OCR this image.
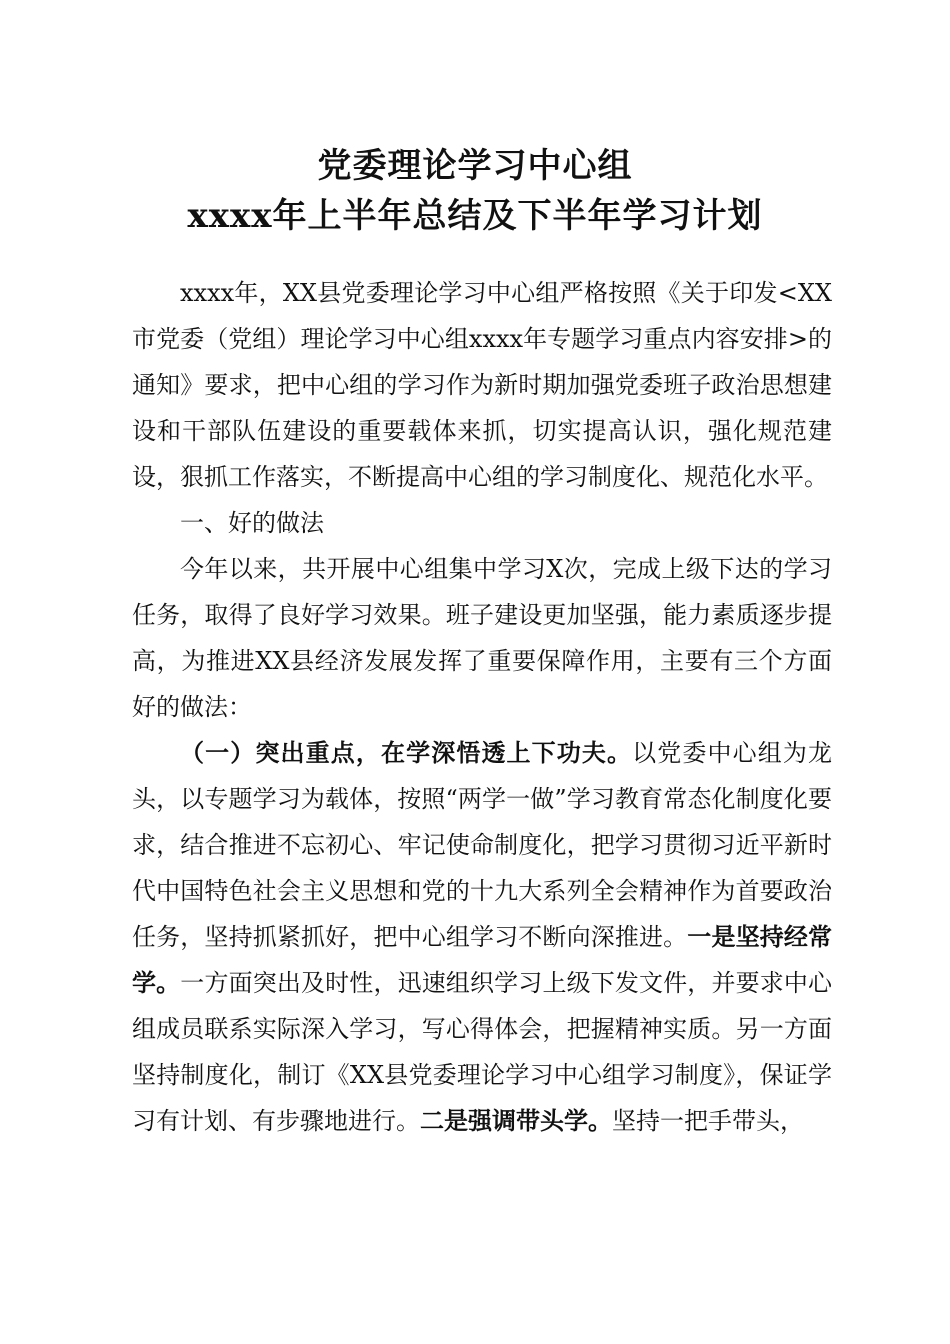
党委理论学习中心组
xxxx年上半年总结及下半年学习计划

xxxx年，XX县党委理论学习中心组严格按照《关于印发<XX市党委（党组）理论学习中心组xxxx年专题学习重点内容安排>的通知》要求，把中心组的学习作为新时期加强党委班子政治思想建设和干部队伍建设的重要载体来抓，切实提高认识，强化规范建设，狠抓工作落实，不断提高中心组的学习制度化、规范化水平。

一、好的做法

今年以来，共开展中心组集中学习X次，完成上级下达的学习任务，取得了良好学习效果。班子建设更加坚强，能力素质逐步提高，为推进XX县经济发展发挥了重要保障作用，主要有三个方面好的做法：

（一）突出重点，在学深悟透上下功夫。以党委中心组为龙头，以专题学习为载体，按照“两学一做”学习教育常态化制度化要求，结合推进不忘初心、牢记使命制度化，把学习贯彻习近平新时代中国特色社会主义思想和党的十九大系列全会精神作为首要政治任务，坚持抓紧抓好，把中心组学习不断向深推进。一是坚持经常学。一方面突出及时性，迅速组织学习上级下发文件，并要求中心组成员联系实际深入学习，写心得体会，把握精神实质。另一方面坚持制度化，制订《XX县党委理论学习中心组学习制度》，保证学习有计划、有步骤地进行。二是强调带头学。坚持一把手带头，
